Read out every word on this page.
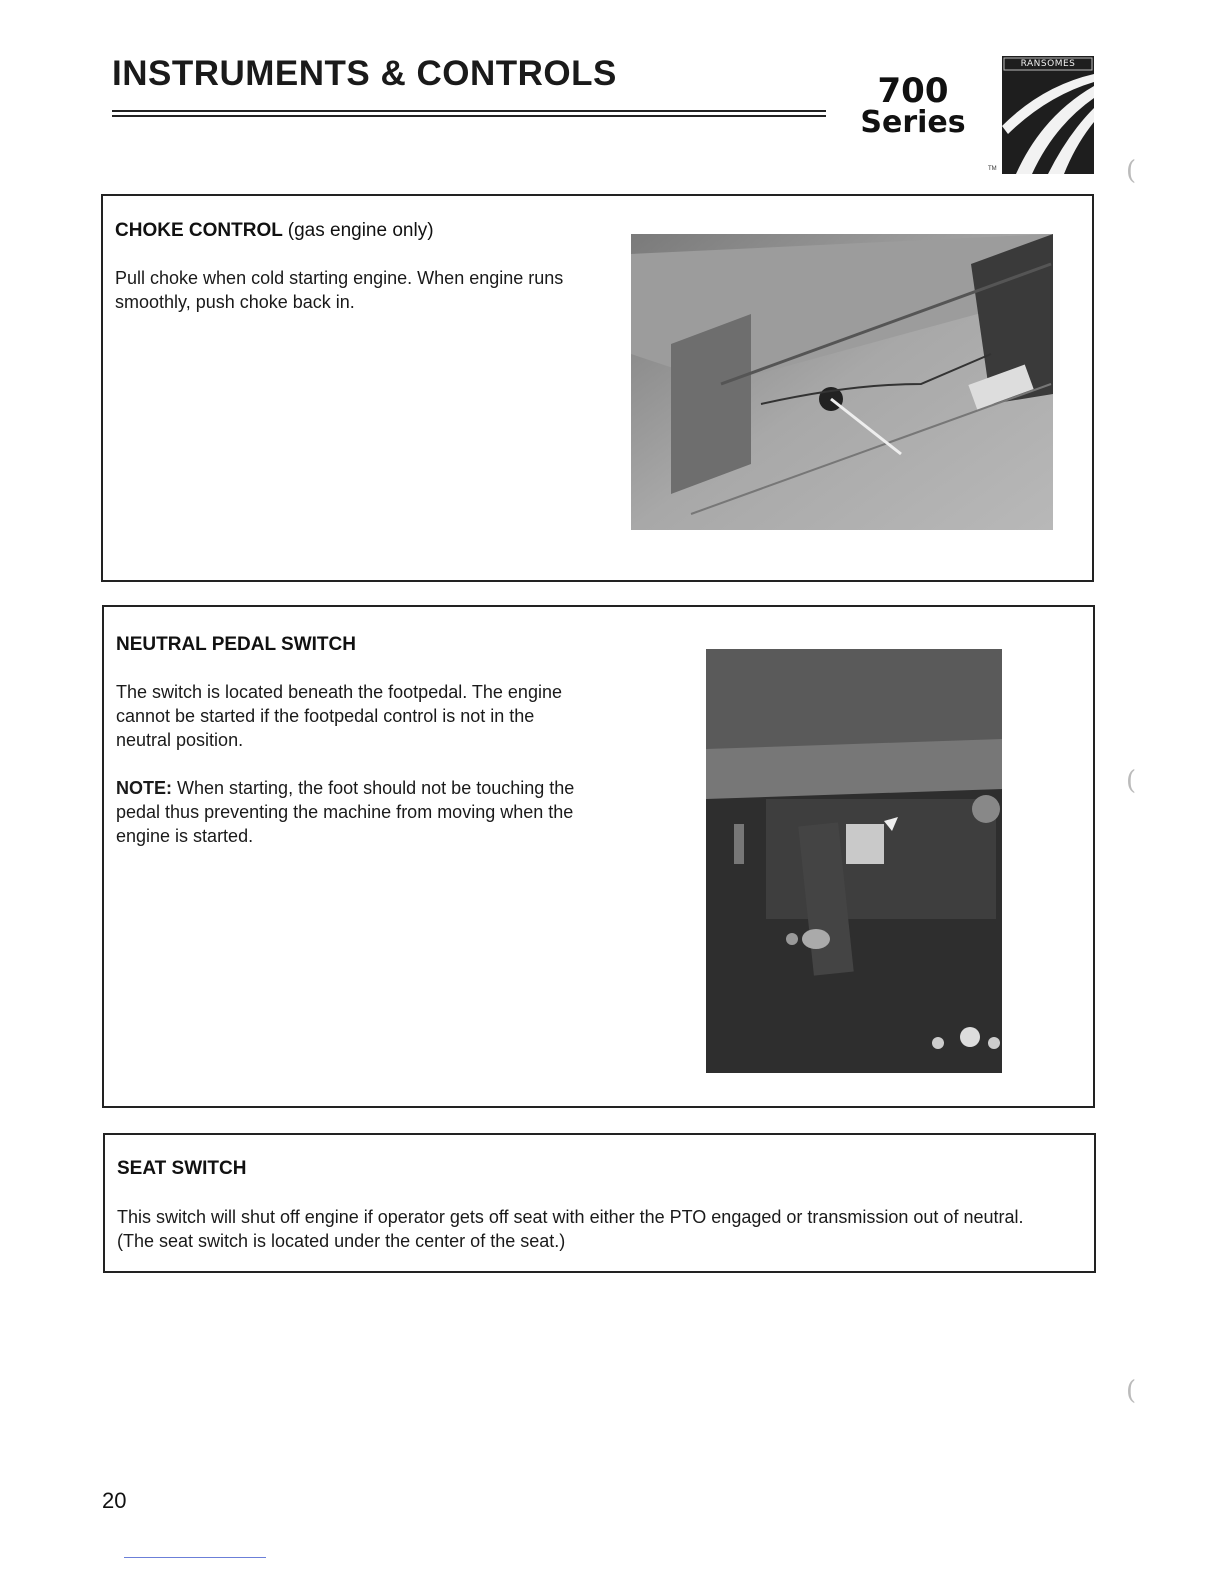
INSTRUMENTS & CONTROLS	700
Series
RANSOMES
TM

CHOKE CONTROL (gas engine only)

Pull choke when cold starting engine. When engine runs smoothly, push choke back in.

NEUTRAL PEDAL SWITCH

The switch is located beneath the footpedal. The engine cannot be started if the footpedal control is not in the neutral position.

NOTE: When starting, the foot should not be touching the pedal thus preventing the machine from moving when the engine is started.

SEAT SWITCH

This switch will shut off engine if operator gets off seat with either the PTO engaged or transmission out of neutral. (The seat switch is located under the center of the seat.)

20
(
(
(
